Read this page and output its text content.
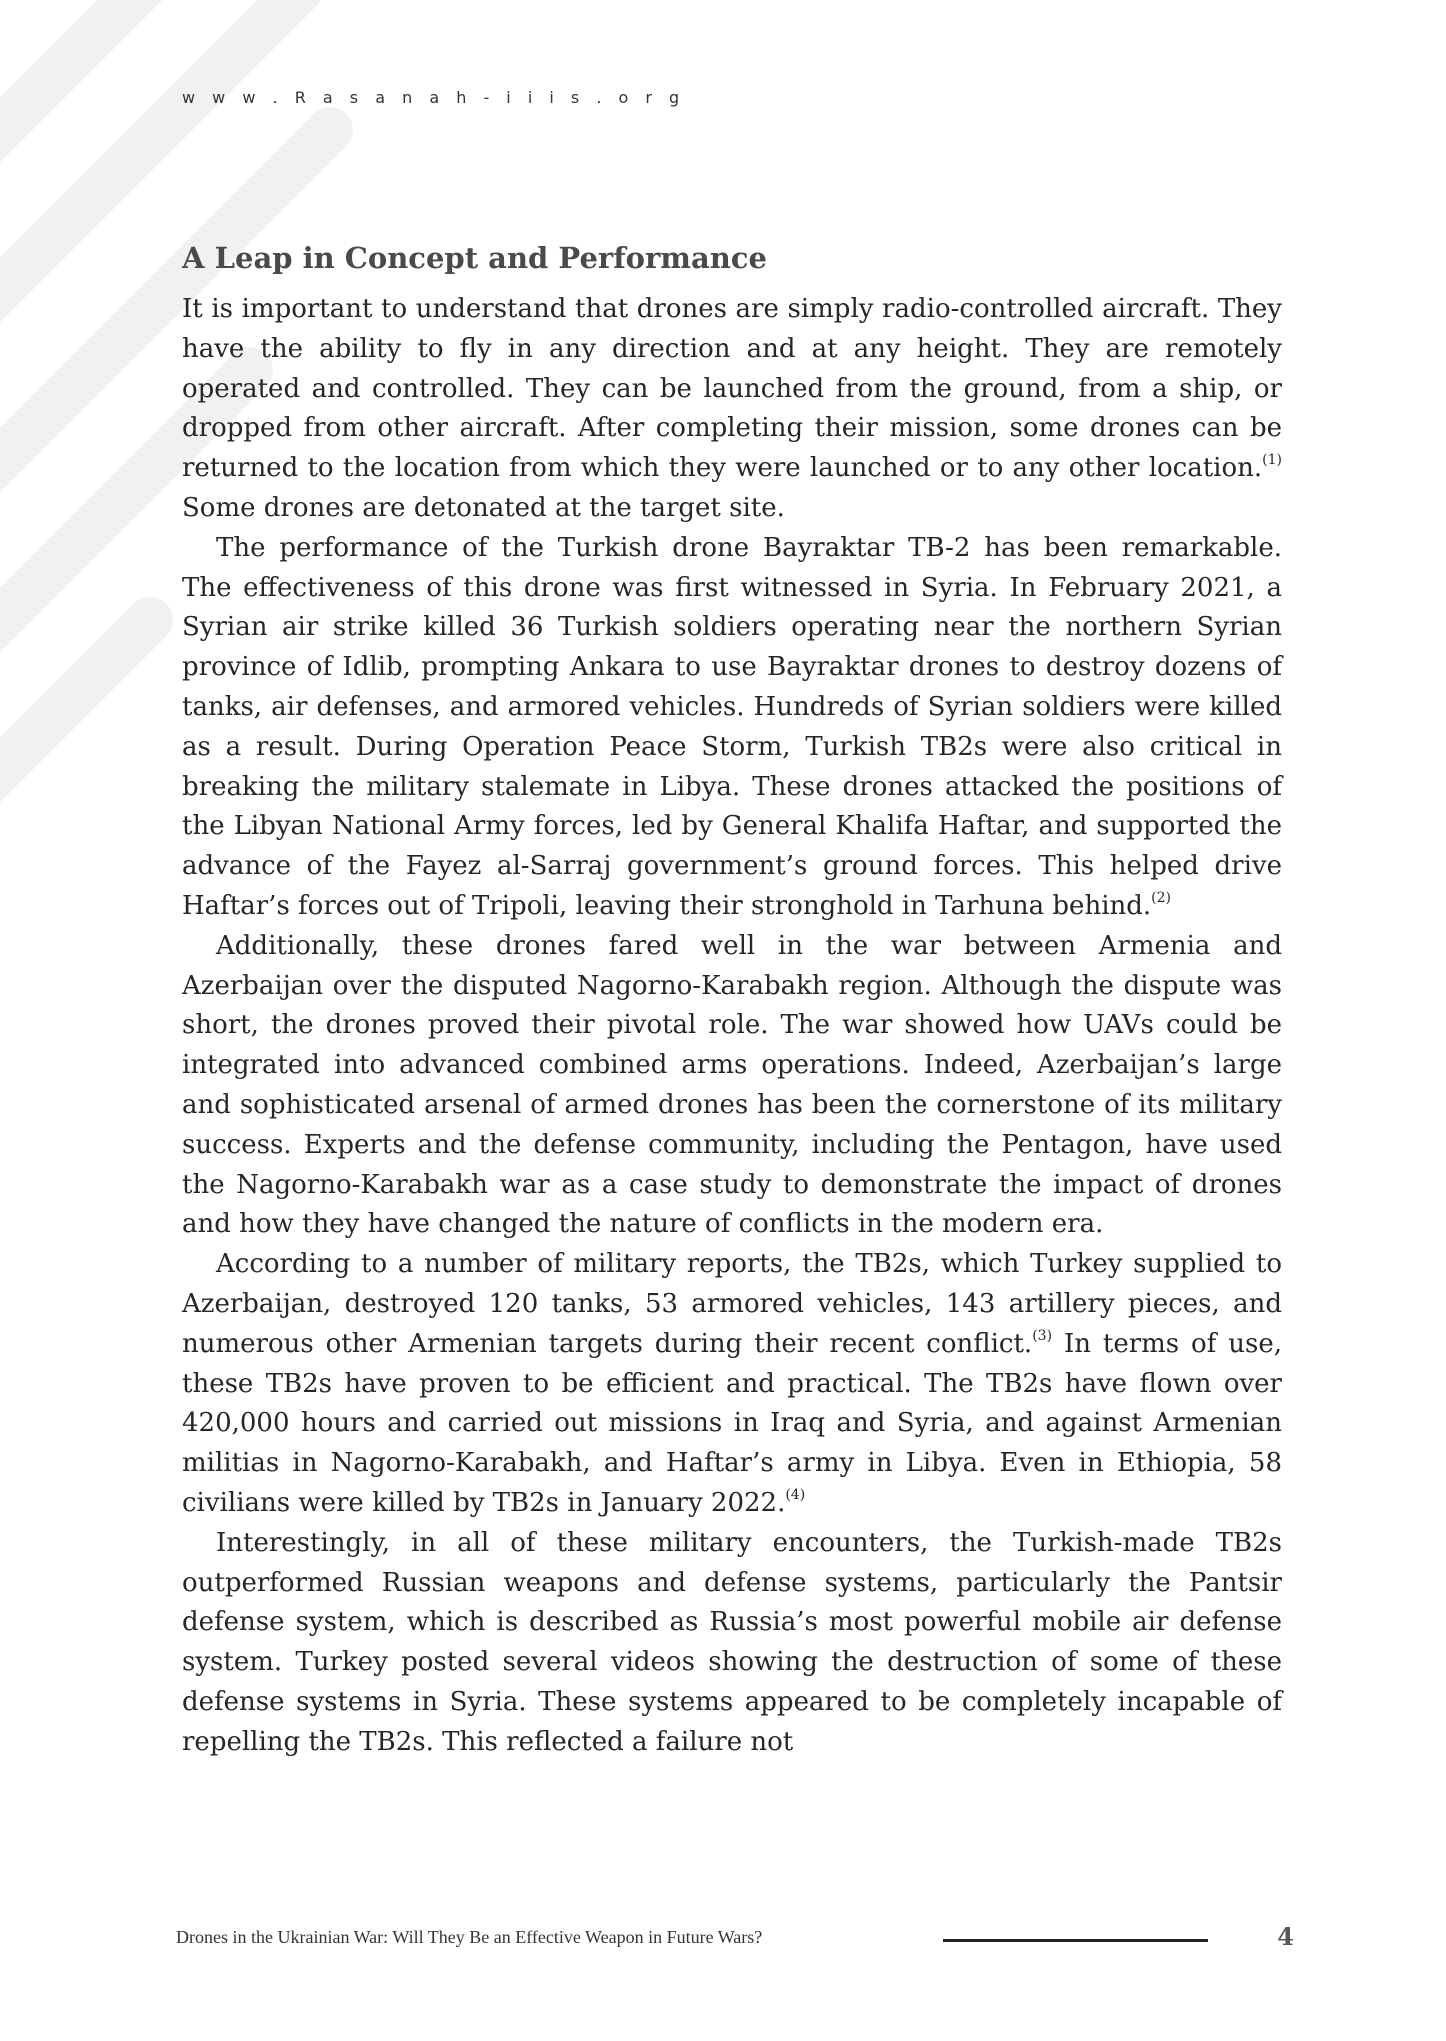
w w w . R a s a n a h - i i i s . o r g
A Leap in Concept and Performance

It is important to understand that drones are simply radio-controlled aircraft. They have the ability to fly in any direction and at any height. They are remotely operated and controlled. They can be launched from the ground, from a ship, or dropped from other aircraft. After completing their mission, some drones can be returned to the location from which they were launched or to any other location.$^{(1)}$ Some drones are detonated at the target site.

The performance of the Turkish drone Bayraktar TB-2 has been remarkable. The effectiveness of this drone was first witnessed in Syria. In February 2021, a Syrian air strike killed 36 Turkish soldiers operating near the northern Syrian province of Idlib, prompting Ankara to use Bayraktar drones to destroy dozens of tanks, air defenses, and armored vehicles. Hundreds of Syrian soldiers were killed as a result. During Operation Peace Storm, Turkish TB2s were also critical in breaking the military stalemate in Libya. These drones attacked the positions of the Libyan National Army forces, led by General Khalifa Haftar, and supported the advance of the Fayez al-Sarraj government’s ground forces. This helped drive Haftar’s forces out of Tripoli, leaving their stronghold in Tarhuna behind.$^{(2)}$

Additionally, these drones fared well in the war between Armenia and Azerbaijan over the disputed Nagorno-Karabakh region. Although the dispute was short, the drones proved their pivotal role. The war showed how UAVs could be integrated into advanced combined arms operations. Indeed, Azerbaijan’s large and sophisticated arsenal of armed drones has been the cornerstone of its military success. Experts and the defense community, including the Pentagon, have used the Nagorno-Karabakh war as a case study to demonstrate the impact of drones and how they have changed the nature of conflicts in the modern era.

According to a number of military reports, the TB2s, which Turkey supplied to Azerbaijan, destroyed 120 tanks, 53 armored vehicles, 143 artillery pieces, and numerous other Armenian targets during their recent conflict.$^{(3)}$ In terms of use, these TB2s have proven to be efficient and practical. The TB2s have flown over 420,000 hours and carried out missions in Iraq and Syria, and against Armenian militias in Nagorno-Karabakh, and Haftar’s army in Libya. Even in Ethiopia, 58 civilians were killed by TB2s in January 2022.$^{(4)}$

Interestingly, in all of these military encounters, the Turkish-made TB2s outperformed Russian weapons and defense systems, particularly the Pantsir defense system, which is described as Russia’s most powerful mobile air defense system. Turkey posted several videos showing the destruction of some of these defense systems in Syria. These systems appeared to be completely incapable of repelling the TB2s. This reflected a failure not

Drones in the Ukrainian War: Will They Be an Effective Weapon in Future Wars?	4
